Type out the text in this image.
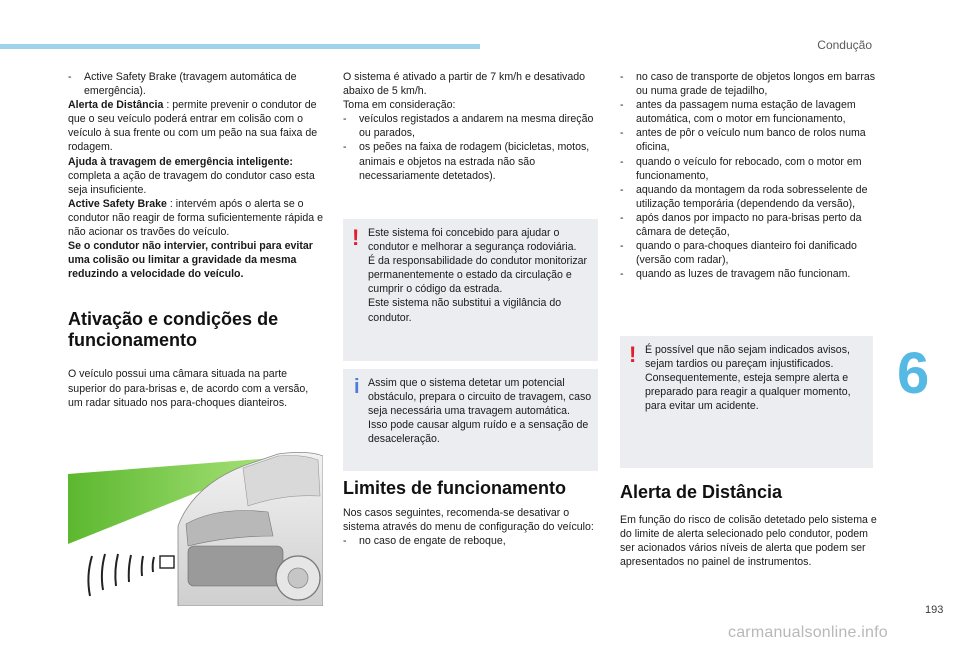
Condução
6
-	Active Safety Brake (travagem automática de emergência).

Alerta de Distância : permite prevenir o condutor de que o seu veículo poderá entrar em colisão com o veículo à sua frente ou com um peão na sua faixa de rodagem.

Ajuda à travagem de emergência inteligente: completa a ação de travagem do condutor caso esta seja insuficiente.

Active Safety Brake : intervém após o alerta se o condutor não reagir de forma suficientemente rápida e não acionar os travões do veículo.

Se o condutor não intervier, contribui para evitar uma colisão ou limitar a gravidade da mesma reduzindo a velocidade do veículo.

Ativação e condições de funcionamento

O veículo possui uma câmara situada na parte superior do para-brisas e, de acordo com a versão, um radar situado nos para-choques dianteiros.

O sistema é ativado a partir de 7 km/h e desativado abaixo de 5 km/h.

Toma em consideração:

-	veículos registados a andarem na mesma direção ou parados,
-	os peões na faixa de rodagem (bicicletas, motos, animais e objetos na estrada não são necessariamente detetados).
! Este sistema foi concebido para ajudar o condutor e melhorar a segurança rodoviária.
É da responsabilidade do condutor monitorizar permanentemente o estado da circulação e cumprir o código da estrada.
Este sistema não substitui a vigilância do condutor.
i Assim que o sistema detetar um potencial obstáculo, prepara o circuito de travagem, caso seja necessária uma travagem automática. Isso pode causar algum ruído e a sensação de desaceleração.
Limites de funcionamento

Nos casos seguintes, recomenda-se desativar o sistema através do menu de configuração do veículo:

-	no caso de engate de reboque,
-	no caso de transporte de objetos longos em barras ou numa grade de tejadilho,
-	antes da passagem numa estação de lavagem automática, com o motor em funcionamento,
-	antes de pôr o veículo num banco de rolos numa oficina,
-	quando o veículo for rebocado, com o motor em funcionamento,
-	aquando da montagem da roda sobresselente de utilização temporária (dependendo da versão),
-	após danos por impacto no para-brisas perto da câmara de deteção,
-	quando o para-choques dianteiro foi danificado (versão com radar),
-	quando as luzes de travagem não funcionam.
! É possível que não sejam indicados avisos, sejam tardios ou pareçam injustificados.
Consequentemente, esteja sempre alerta e preparado para reagir a qualquer momento, para evitar um acidente.
Alerta de Distância

Em função do risco de colisão detetado pelo sistema e do limite de alerta selecionado pelo condutor, podem ser acionados vários níveis de alerta que podem ser apresentados no painel de instrumentos.

193
carmanualsonline.info
